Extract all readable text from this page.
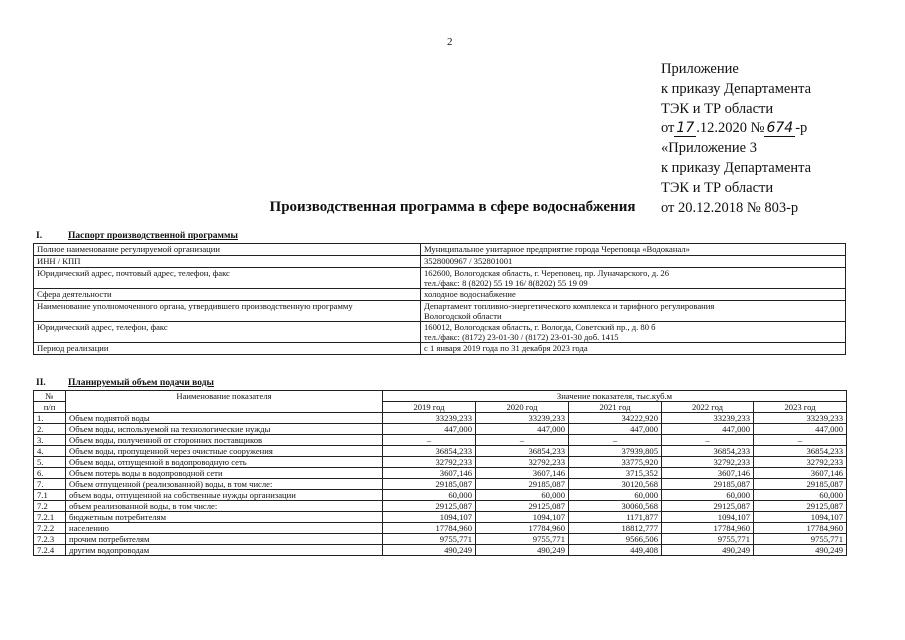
2
Приложение
к приказу Департамента
ТЭК и ТР области
от 17 .12.2020 № 674 -р
«Приложение 3
к приказу Департамента
ТЭК и ТР области
от 20.12.2018 № 803-р
Производственная программа в сфере водоснабжения
I.	Паспорт производственной программы
Полное наименование регулируемой организации	Муниципальное унитарное предприятие города Череповца «Водоканал»

ИНН / КПП	3528000967 / 352801001

Юридический адрес, почтовый адрес, телефон, факс	162600, Вологодская область, г. Череповец, пр. Луначарского, д. 26
тел./факс: 8 (8202) 55 19 16/ 8(8202) 55 19 09

Сфера деятельности	холодное водоснабжение

Наименование уполномоченного органа, утвердившего производственную программу	Департамент топливно-энергетического комплекса и тарифного регулирования
Вологодской области

Юридический адрес, телефон, факс	160012, Вологодская область, г. Вологда, Советский пр., д. 80 б
тел./факс: (8172) 23-01-30 / (8172) 23-01-30 доб. 1415

Период реализации	с 1 января 2019 года по 31 декабря 2023 года
II. Планируемый объем подачи воды
№	Наименование показателя	Значение показателя, тыс.куб.м				
п/п		2019 год	2020 год	2021 год	2022 год	2023 год
1.	Объем поднятой воды	33239,233	33239,233	34222,920	33239,233	33239,233
2.	Объем воды, используемой на технологические нужды	447,000	447,000	447,000	447,000	447,000
3.	Объем воды, полученной от сторонних поставщиков	–	–	–	–	–
4.	Объем воды, пропущенной через очистные сооружения	36854,233	36854,233	37939,805	36854,233	36854,233
5.	Объем воды, отпущенной в водопроводную сеть	32792,233	32792,233	33775,920	32792,233	32792,233
6.	Объем потерь воды в водопроводной сети	3607,146	3607,146	3715,352	3607,146	3607,146
7.	Объем отпущенной (реализованной) воды, в том числе:	29185,087	29185,087	30120,568	29185,087	29185,087
7.1	объем воды, отпущенной на собственные нужды организации	60,000	60,000	60,000	60,000	60,000
7.2	объем реализованной воды, в том числе:	29125,087	29125,087	30060,568	29125,087	29125,087
7.2.1	бюджетным потребителям	1094,107	1094,107	1171,877	1094,107	1094,107
7.2.2	населению	17784,960	17784,960	18812,777	17784,960	17784,960
7.2.3	прочим потребителям	9755,771	9755,771	9566,506	9755,771	9755,771
7.2.4	другим водопроводам	490,249	490,249	449,408	490,249	490,249
